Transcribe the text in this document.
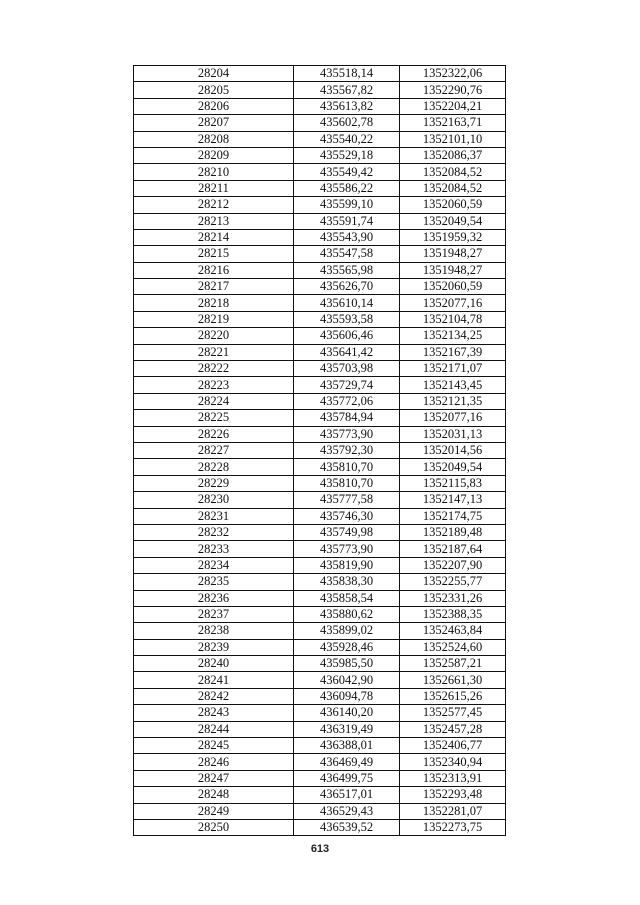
28204	435518,14	1352322,06
28205	435567,82	1352290,76
28206	435613,82	1352204,21
28207	435602,78	1352163,71
28208	435540,22	1352101,10
28209	435529,18	1352086,37
28210	435549,42	1352084,52
28211	435586,22	1352084,52
28212	435599,10	1352060,59
28213	435591,74	1352049,54
28214	435543,90	1351959,32
28215	435547,58	1351948,27
28216	435565,98	1351948,27
28217	435626,70	1352060,59
28218	435610,14	1352077,16
28219	435593,58	1352104,78
28220	435606,46	1352134,25
28221	435641,42	1352167,39
28222	435703,98	1352171,07
28223	435729,74	1352143,45
28224	435772,06	1352121,35
28225	435784,94	1352077,16
28226	435773,90	1352031,13
28227	435792,30	1352014,56
28228	435810,70	1352049,54
28229	435810,70	1352115,83
28230	435777,58	1352147,13
28231	435746,30	1352174,75
28232	435749,98	1352189,48
28233	435773,90	1352187,64
28234	435819,90	1352207,90
28235	435838,30	1352255,77
28236	435858,54	1352331,26
28237	435880,62	1352388,35
28238	435899,02	1352463,84
28239	435928,46	1352524,60
28240	435985,50	1352587,21
28241	436042,90	1352661,30
28242	436094,78	1352615,26
28243	436140,20	1352577,45
28244	436319,49	1352457,28
28245	436388,01	1352406,77
28246	436469,49	1352340,94
28247	436499,75	1352313,91
28248	436517,01	1352293,48
28249	436529,43	1352281,07
28250	436539,52	1352273,75
613
